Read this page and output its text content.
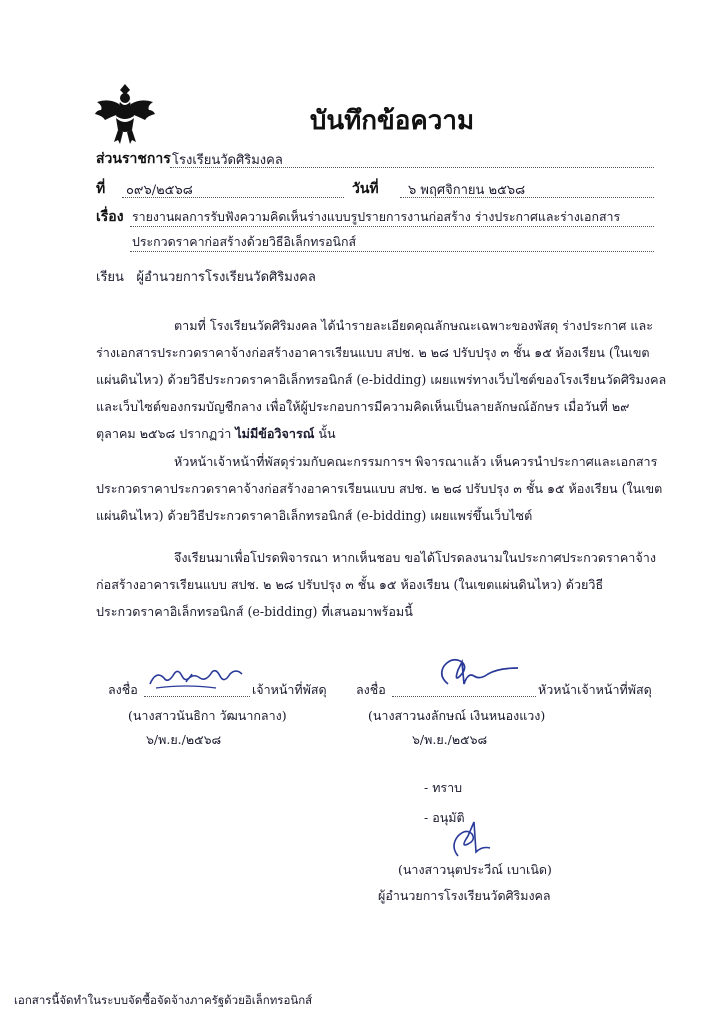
บันทึกข้อความ
ส่วนราชการ โรงเรียนวัดศิริมงคล
ที่ ๐๙๖/๒๕๖๘	วันที่ ๖ พฤศจิกายน ๒๕๖๘
เรื่อง รายงานผลการรับฟังความคิดเห็นร่างแบบรูปรายการงานก่อสร้าง ร่างประกาศและร่างเอกสาร
ประกวดราคาก่อสร้างด้วยวิธีอิเล็กทรอนิกส์
เรียน ผู้อำนวยการโรงเรียนวัดศิริมงคล
ตามที่ โรงเรียนวัดศิริมงคล ได้นำรายละเอียดคุณลักษณะเฉพาะของพัสดุ ร่างประกาศ และ
ร่างเอกสารประกวดราคาจ้างก่อสร้างอาคารเรียนแบบ สปช. ๒ ๒๘ ปรับปรุง ๓ ชั้น ๑๕ ห้องเรียน (ในเขต
แผ่นดินไหว) ด้วยวิธีประกวดราคาอิเล็กทรอนิกส์ (e-bidding) เผยแพร่ทางเว็บไซต์ของโรงเรียนวัดศิริมงคล
และเว็บไซต์ของกรมบัญชีกลาง เพื่อให้ผู้ประกอบการมีความคิดเห็นเป็นลายลักษณ์อักษร เมื่อวันที่ ๒๙
ตุลาคม ๒๕๖๘ ปรากฏว่า ไม่มีข้อวิจารณ์ นั้น
หัวหน้าเจ้าหน้าที่พัสดุร่วมกับคณะกรรมการฯ พิจารณาแล้ว เห็นควรนำประกาศและเอกสาร
ประกวดราคาประกวดราคาจ้างก่อสร้างอาคารเรียนแบบ สปช. ๒ ๒๘ ปรับปรุง ๓ ชั้น ๑๕ ห้องเรียน (ในเขต
แผ่นดินไหว) ด้วยวิธีประกวดราคาอิเล็กทรอนิกส์ (e-bidding) เผยแพร่ขึ้นเว็บไซต์
จึงเรียนมาเพื่อโปรดพิจารณา หากเห็นชอบ ขอได้โปรดลงนามในประกาศประกวดราคาจ้าง
ก่อสร้างอาคารเรียนแบบ สปช. ๒ ๒๘ ปรับปรุง ๓ ชั้น ๑๕ ห้องเรียน (ในเขตแผ่นดินไหว) ด้วยวิธี
ประกวดราคาอิเล็กทรอนิกส์ (e-bidding) ที่เสนอมาพร้อมนี้
ลงชื่อ	เจ้าหน้าที่พัสดุ
(นางสาวนันธิกา วัฒนากลาง)
๖/พ.ย./๒๕๖๘
ลงชื่อ	หัวหน้าเจ้าหน้าที่พัสดุ
(นางสาวนงลักษณ์ เงินหนองแวง)
๖/พ.ย./๒๕๖๘
- ทราบ
- อนุมัติ
(นางสาวนุตประวีณ์ เบาเนิด)
ผู้อำนวยการโรงเรียนวัดศิริมงคล
เอกสารนี้จัดทำในระบบจัดซื้อจัดจ้างภาครัฐด้วยอิเล็กทรอนิกส์
